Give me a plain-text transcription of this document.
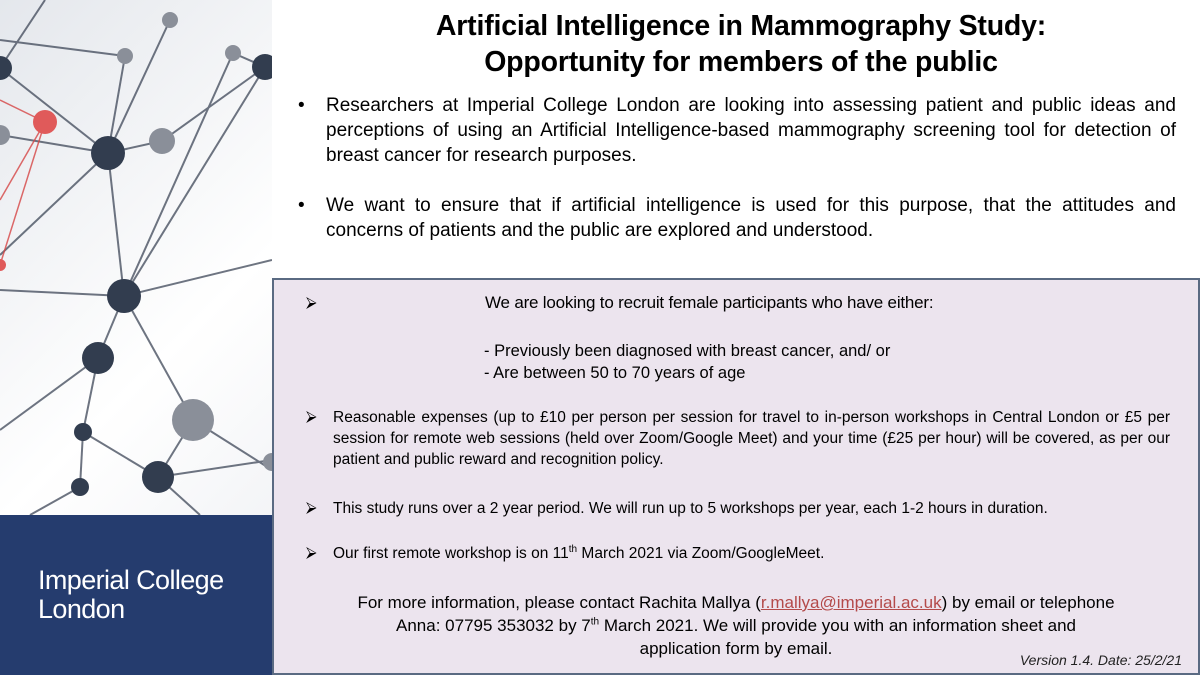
Imperial College
London
Artificial Intelligence in Mammography Study:
Opportunity for members of the public
• Researchers at Imperial College London are looking into assessing patient and public ideas and perceptions of using an Artificial Intelligence-based mammography screening tool for detection of breast cancer for research purposes.
• We want to ensure that if artificial intelligence is used for this purpose, that the attitudes and concerns of patients and the public are explored and understood.
⮚	We are looking to recruit female participants who have either:
- Previously been diagnosed with breast cancer, and/ or
- Are between 50 to 70 years of age
⮚ Reasonable expenses (up to £10 per person per session for travel to in-person workshops in Central London or £5 per session for remote web sessions (held over Zoom/Google Meet) and your time (£25 per hour) will be covered, as per our patient and public reward and recognition policy.
⮚ This study runs over a 2 year period. We will run up to 5 workshops per year, each 1-2 hours in duration.
⮚ Our first remote workshop is on 11th March 2021 via Zoom/GoogleMeet.
For more information, please contact Rachita Mallya (r.mallya@imperial.ac.uk) by email or telephone
Anna: 07795 353032 by 7th March 2021. We will provide you with an information sheet and
application form by email.
Version 1.4. Date: 25/2/21
